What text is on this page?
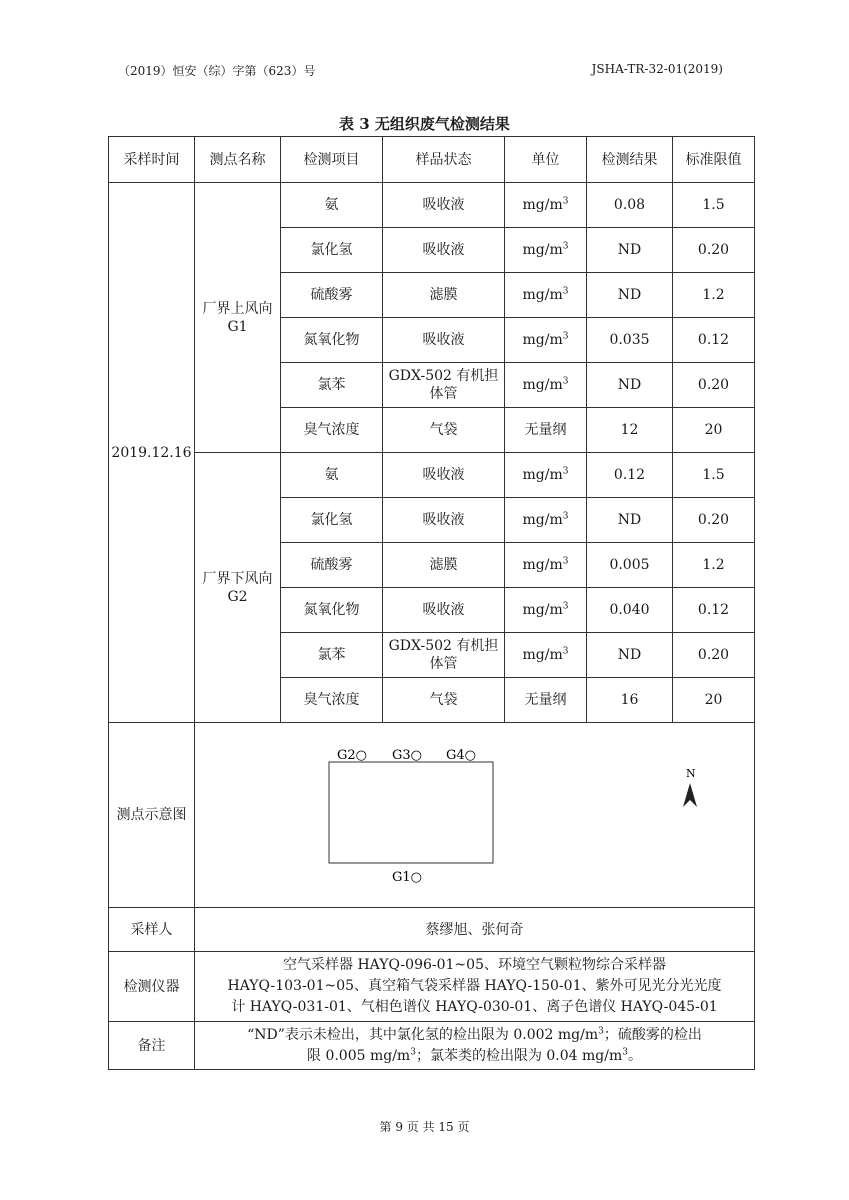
（2019）恒安（综）字第（623）号	JSHA-TR-32-01(2019)
表 3 无组织废气检测结果
采样时间	测点名称	检测项目	样品状态	单位	检测结果	标准限值
2019.12.16	厂界上风向 G1	氨	吸收液	$mg/m^3$	0.08	1.5
		氯化氢	吸收液	$mg/m^3$	ND	0.20
		硫酸雾	滤膜	$mg/m^3$	ND	1.2
		氮氧化物	吸收液	$mg/m^3$	0.035	0.12
		氯苯	GDX-502 有机担体管	$mg/m^3$	ND	0.20
		臭气浓度	气袋	无量纲	12	20
	厂界下风向 G2	氨	吸收液	$mg/m^3$	0.12	1.5
		氯化氢	吸收液	$mg/m^3$	ND	0.20
		硫酸雾	滤膜	$mg/m^3$	0.005	1.2
		氮氧化物	吸收液	$mg/m^3$	0.040	0.12
		氯苯	GDX-502 有机担体管	$mg/m^3$	ND	0.20
		臭气浓度	气袋	无量纲	16	20
测点示意图	G2○ G3○ G4○
G1○
N					

采样人	蔡缪旭、张何奇					
检测仪器	空气采样器 HAYQ-096-01~05、环境空气颗粒物综合采样器
HAYQ-103-01~05、真空箱气袋采样器 HAYQ-150-01、紫外可见光分光光度
计 HAYQ-031-01、气相色谱仪 HAYQ-030-01、离子色谱仪 HAYQ-045-01					

备注	“ND”表示未检出，其中氯化氢的检出限为 0.002 $mg/m^3$；硫酸雾的检出
限 0.005 $mg/m^3$；氯苯类的检出限为 0.04 $mg/m^3$。					
第 9 页 共 15 页
